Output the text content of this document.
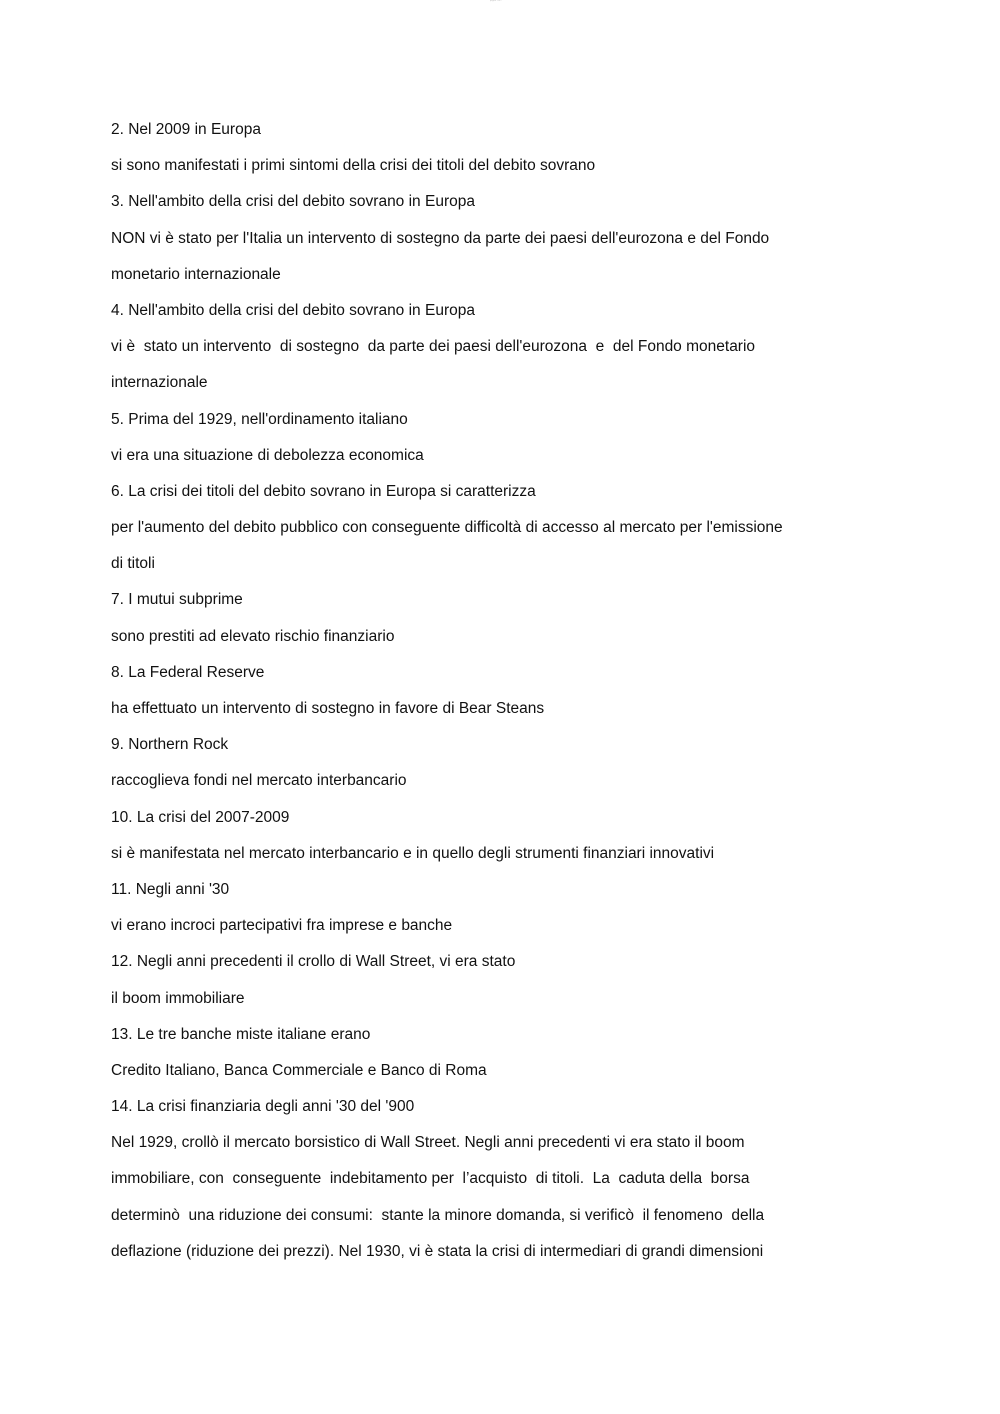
pagina 1 di 2
2. Nel 2009 in Europa
si sono manifestati i primi sintomi della crisi dei titoli del debito sovrano
3. Nell'ambito della crisi del debito sovrano in Europa
NON vi è stato per l'Italia un intervento di sostegno da parte dei paesi dell'eurozona e del Fondo
monetario internazionale
4. Nell'ambito della crisi del debito sovrano in Europa
vi è  stato un intervento  di sostegno  da parte dei paesi dell'eurozona  e  del Fondo monetario
internazionale
5. Prima del 1929, nell'ordinamento italiano
vi era una situazione di debolezza economica
6. La crisi dei titoli del debito sovrano in Europa si caratterizza
per l'aumento del debito pubblico con conseguente difficoltà di accesso al mercato per l'emissione
di titoli
7. I mutui subprime
sono prestiti ad elevato rischio finanziario
8. La Federal Reserve
ha effettuato un intervento di sostegno in favore di Bear Steans
9. Northern Rock
raccoglieva fondi nel mercato interbancario
10. La crisi del 2007-2009
si è manifestata nel mercato interbancario e in quello degli strumenti finanziari innovativi
11. Negli anni '30
vi erano incroci partecipativi fra imprese e banche
12. Negli anni precedenti il crollo di Wall Street, vi era stato
il boom immobiliare
13. Le tre banche miste italiane erano
Credito Italiano, Banca Commerciale e Banco di Roma
14. La crisi finanziaria degli anni '30 del '900
Nel 1929, crollò il mercato borsistico di Wall Street. Negli anni precedenti vi era stato il boom
immobiliare, con  conseguente  indebitamento per  l’acquisto  di titoli.  La  caduta della  borsa
determinò  una riduzione dei consumi:  stante la minore domanda, si verificò  il fenomeno  della
deflazione (riduzione dei prezzi). Nel 1930, vi è stata la crisi di intermediari di grandi dimensioni
